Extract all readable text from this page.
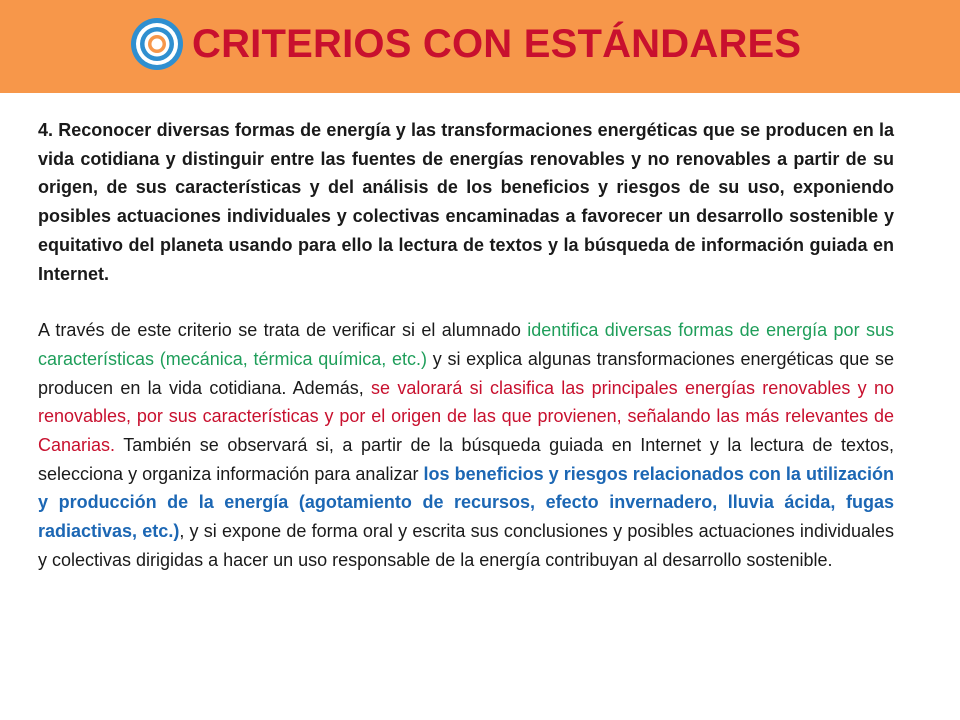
CRITERIOS CON ESTÁNDARES

4. Reconocer diversas formas de energía y las transformaciones energéticas que se producen en la vida cotidiana y distinguir entre las fuentes de energías renovables y no renovables a partir de su origen, de sus características y del análisis de los beneficios y riesgos de su uso, exponiendo posibles actuaciones individuales y colectivas encaminadas a favorecer un desarrollo sostenible y equitativo del planeta usando para ello la lectura de textos y la búsqueda de información guiada en Internet.

A través de este criterio se trata de verificar si el alumnado identifica diversas formas de energía por sus características (mecánica, térmica química, etc.) y si explica algunas transformaciones energéticas que se producen en la vida cotidiana. Además, se valorará si clasifica las principales energías renovables y no renovables, por sus características y por el origen de las que provienen, señalando las más relevantes de Canarias. También se observará si, a partir de la búsqueda guiada en Internet y la lectura de textos, selecciona y organiza información para analizar los beneficios y riesgos relacionados con la utilización y producción de la energía (agotamiento de recursos, efecto invernadero, lluvia ácida, fugas radiactivas, etc.), y si expone de forma oral y escrita sus conclusiones y posibles actuaciones individuales y colectivas dirigidas a hacer un uso responsable de la energía contribuyan al desarrollo sostenible.
